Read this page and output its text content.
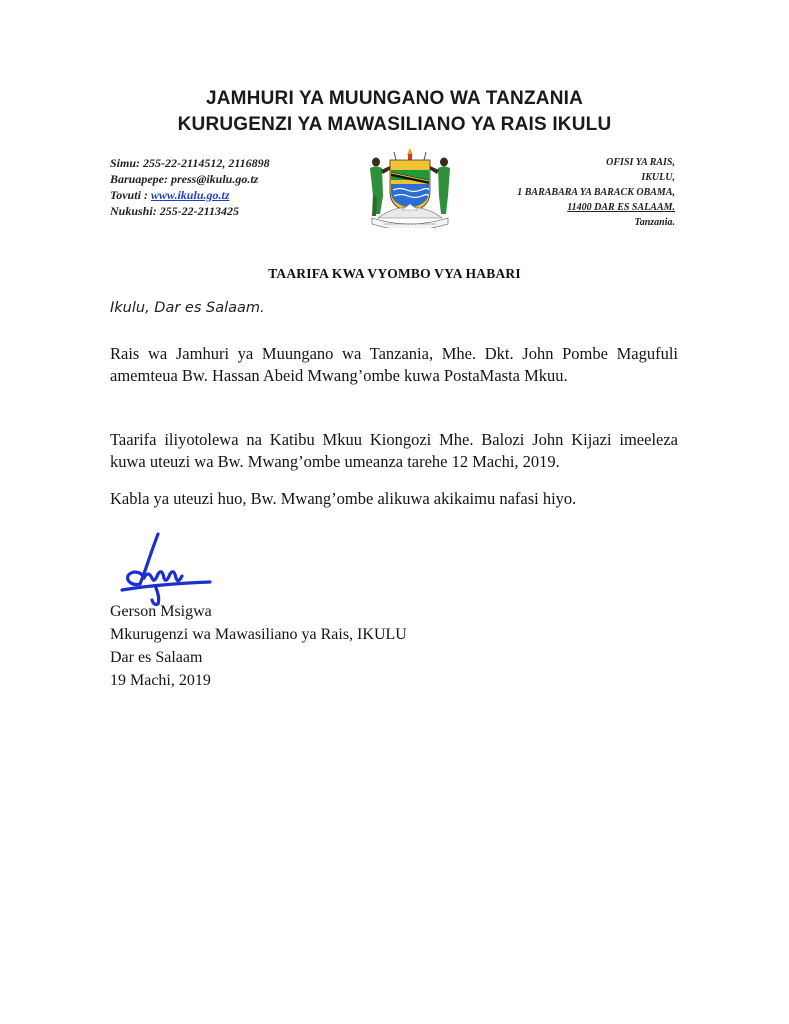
JAMHURI YA MUUNGANO WA TANZANIA
KURUGENZI YA MAWASILIANO YA RAIS IKULU
Simu: 255-22-2114512, 2116898
Baruapepe: press@ikulu.go.tz
Tovuti : www.ikulu.go.tz
Nukushi: 255-22-2113425
OFISI YA RAIS,
IKULU,
1 BARABARA YA BARACK OBAMA,
11400 DAR ES SALAAM.
Tanzania.
TAARIFA KWA VYOMBO VYA HABARI
Ikulu, Dar es Salaam.
Rais wa Jamhuri ya Muungano wa Tanzania, Mhe. Dkt. John Pombe Magufuli amemteua Bw. Hassan Abeid Mwang’ombe kuwa PostaMasta Mkuu.
Taarifa iliyotolewa na Katibu Mkuu Kiongozi Mhe. Balozi John Kijazi imeeleza kuwa uteuzi wa Bw. Mwang’ombe umeanza tarehe 12 Machi, 2019.
Kabla ya uteuzi huo, Bw. Mwang’ombe alikuwa akikaimu nafasi hiyo.
Gerson Msigwa
Mkurugenzi wa Mawasiliano ya Rais, IKULU
Dar es Salaam
19 Machi, 2019
